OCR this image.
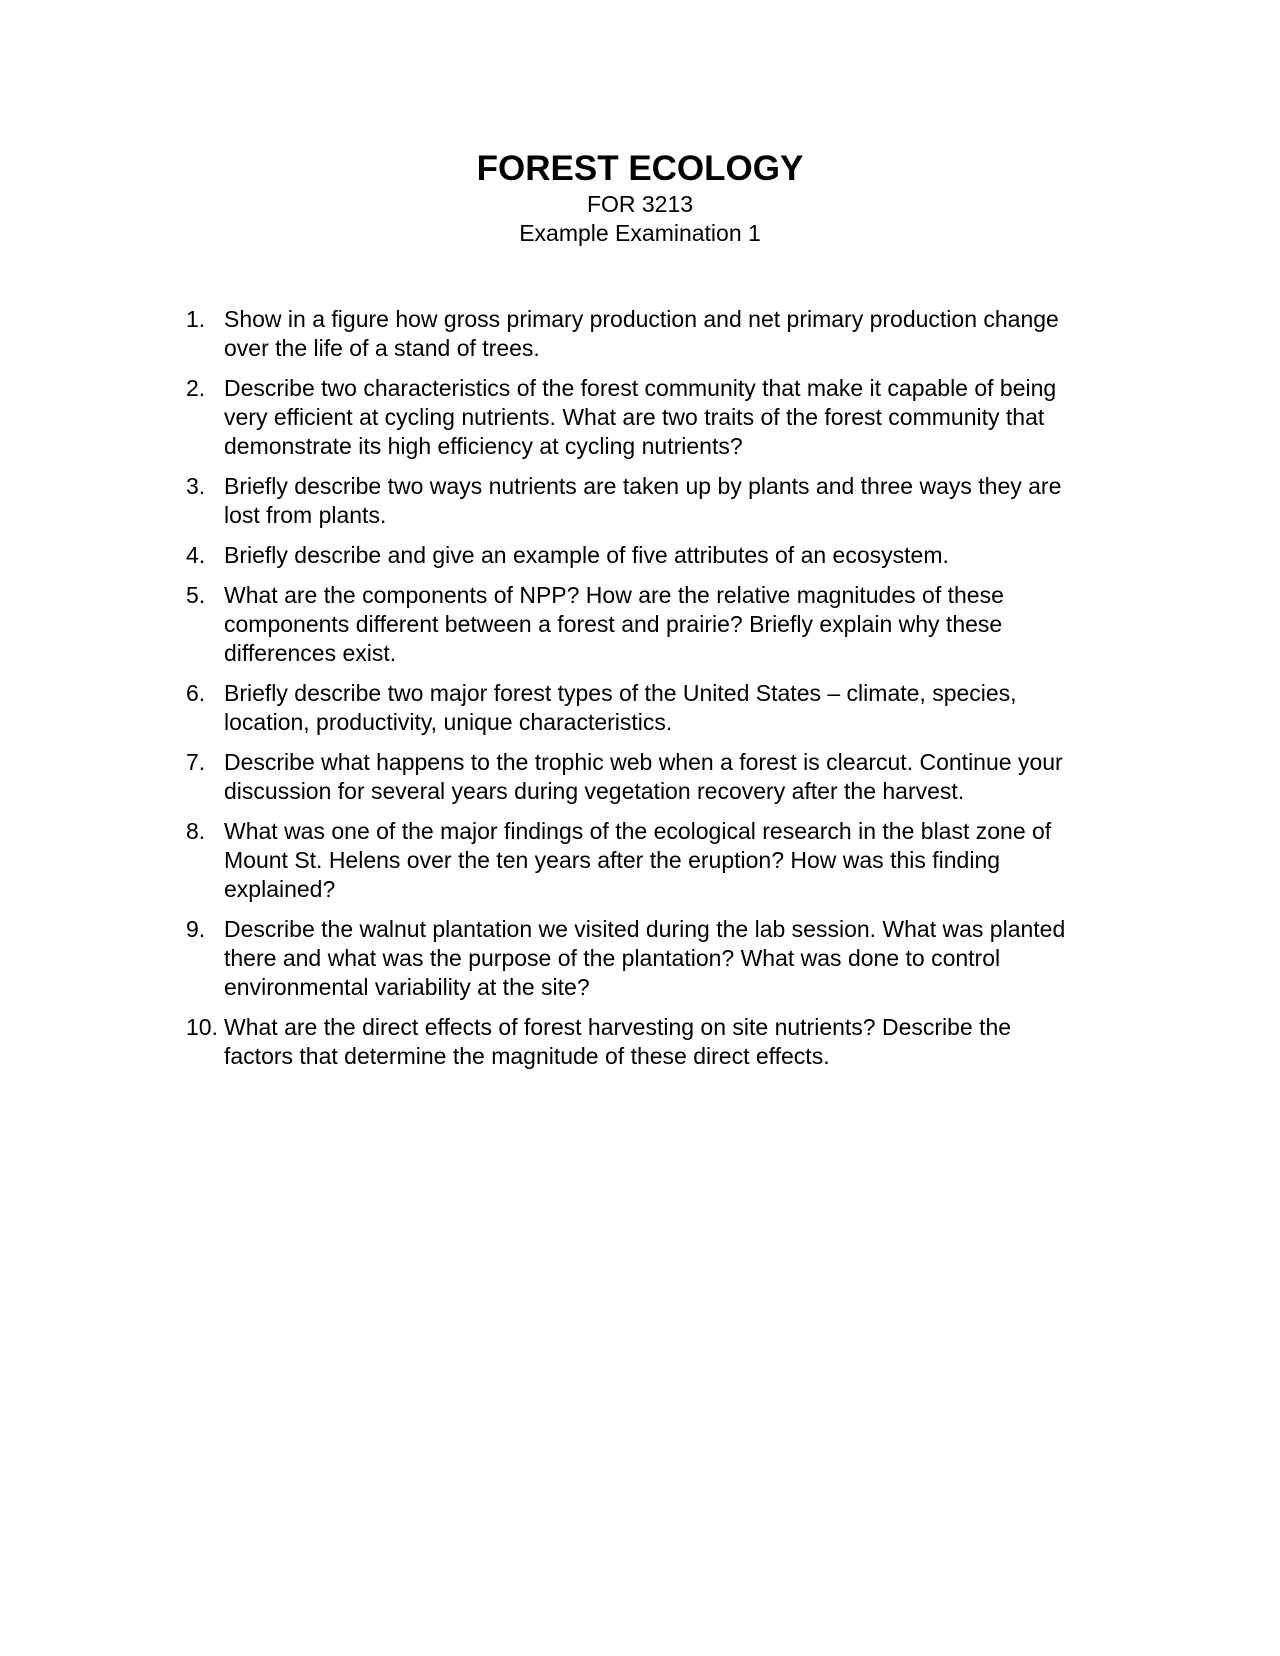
FOREST ECOLOGY
FOR 3213
Example Examination 1
1. Show in a figure how gross primary production and net primary production change over the life of a stand of trees.
2. Describe two characteristics of the forest community that make it capable of being very efficient at cycling nutrients. What are two traits of the forest community that demonstrate its high efficiency at cycling nutrients?
3. Briefly describe two ways nutrients are taken up by plants and three ways they are lost from plants.
4. Briefly describe and give an example of five attributes of an ecosystem.
5. What are the components of NPP? How are the relative magnitudes of these components different between a forest and prairie? Briefly explain why these differences exist.
6. Briefly describe two major forest types of the United States – climate, species, location, productivity, unique characteristics.
7. Describe what happens to the trophic web when a forest is clearcut. Continue your discussion for several years during vegetation recovery after the harvest.
8. What was one of the major findings of the ecological research in the blast zone of Mount St. Helens over the ten years after the eruption? How was this finding explained?
9. Describe the walnut plantation we visited during the lab session. What was planted there and what was the purpose of the plantation? What was done to control environmental variability at the site?
10. What are the direct effects of forest harvesting on site nutrients? Describe the factors that determine the magnitude of these direct effects.
